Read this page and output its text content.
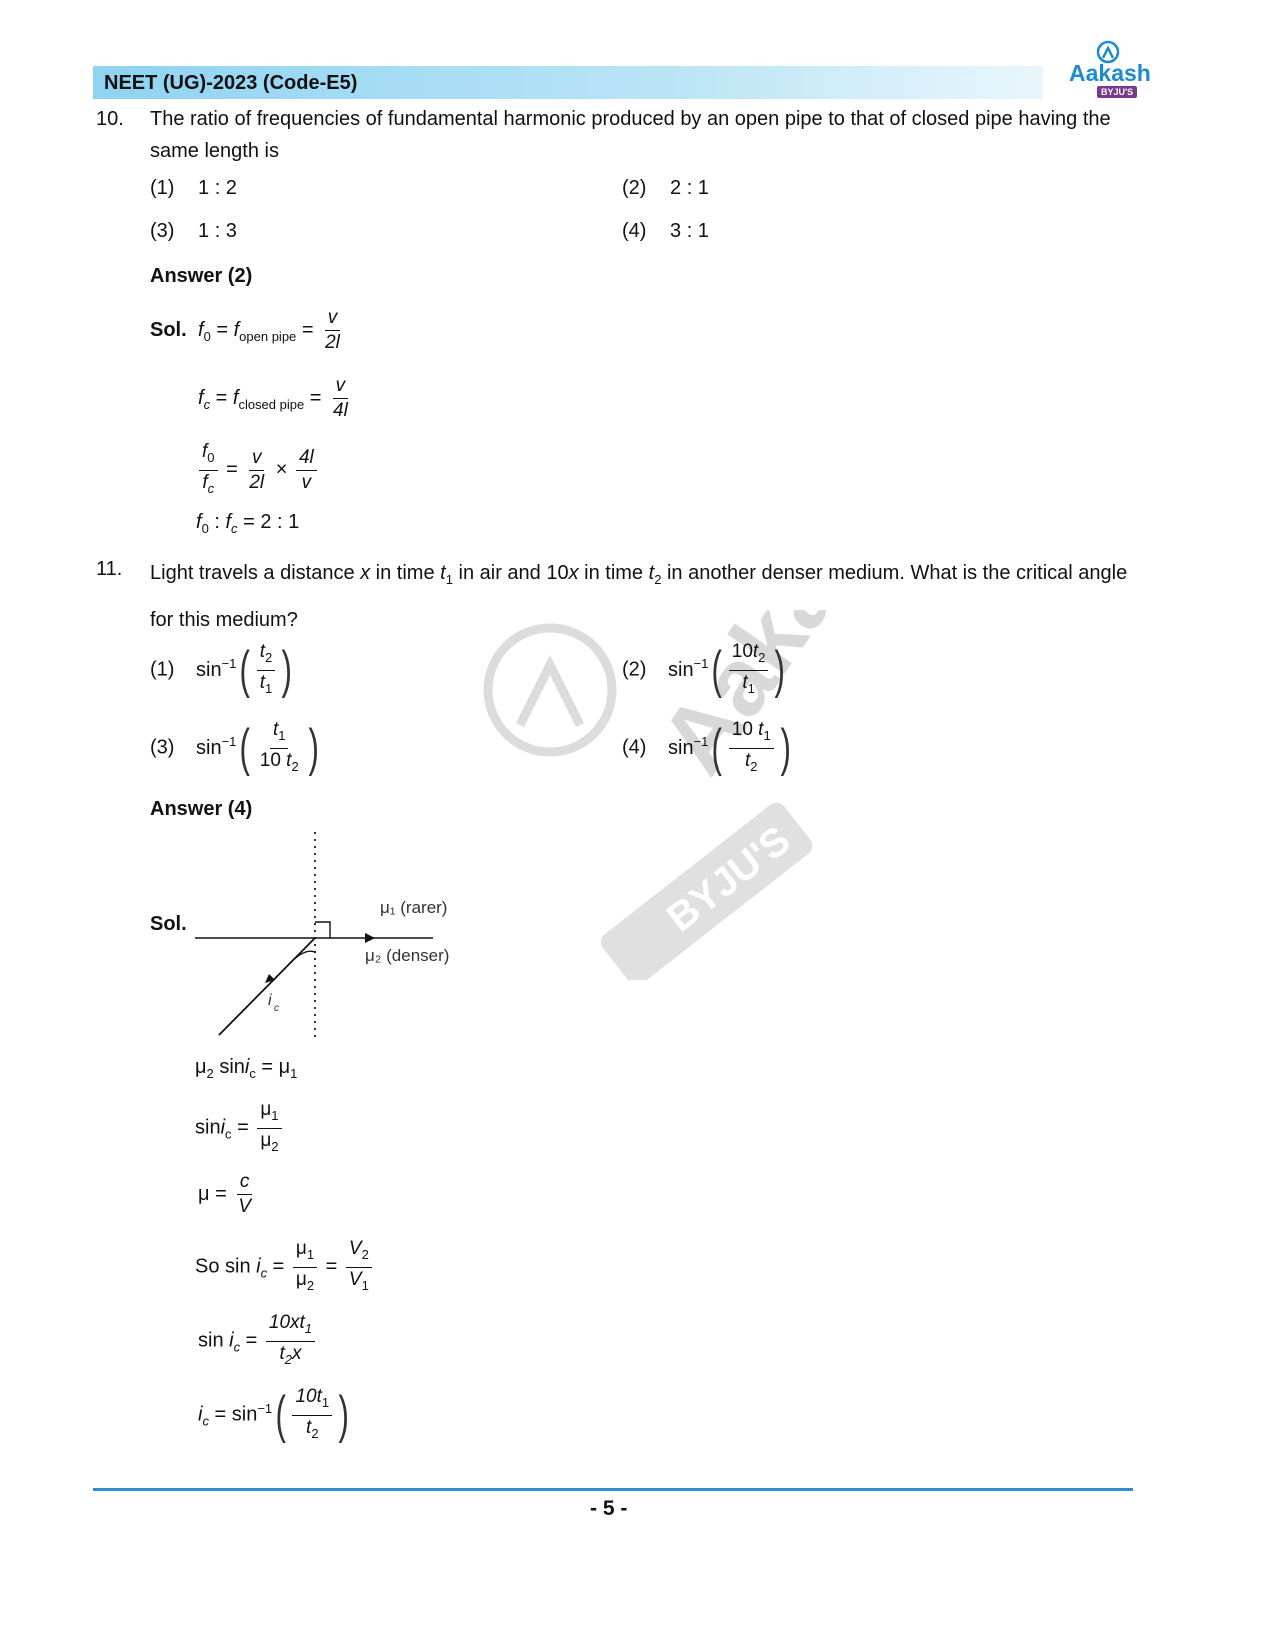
NEET (UG)-2023 (Code-E5)	Aakash
BYJU'S
Aakash
BYJU'S
10. The ratio of frequencies of fundamental harmonic produced by an open pipe to that of closed pipe having the
same length is
(1) 1 : 2	(2) 2 : 1
(3) 1 : 3	(4) 3 : 1
Answer (2)
Sol. $f_0 = f_{open pipe} = \frac{v}{2l}$
$f_c = f_{closed pipe} = \frac{v}{4l}$
$\frac{f_0}{f_c} = \frac{v}{2l} \times \frac{4l}{v}$
$f_0$ : $f_c = 2$ : 1
11. Light travels a distance x in time $t_1$ in air and 10x in time $t_2$ in another denser medium. What is the critical angle
for this medium?
(1) $\sin^{-1}( \frac{t_2}{t_1}$ )	(2) $\sin^{-1}( \frac{10t_2}{t_1}$ )
(3) $\sin^{-1}( \frac{t_1}{10 t_2}$ )	(4) $\sin^{-1}( \frac{10 t_1}{t_2}$ )
Answer (4)
Sol.
μ₁ (rarer)
μ₂ (denser)
i c
$\mu_2$ $\sin i_c = \mu_1$
$\sin i_c = \frac{\mu_1}{\mu_2}$
$\mu = \frac{c}{V}$
So $\sin i_c = \frac{\mu_1}{\mu_2} = \frac{V_2}{V_1}$
$\sin i_c = \frac{10xt_1}{t_2x}$
$i_c = \sin^{-1}( \frac{10t_1}{t_2}$ )
- 5 -
